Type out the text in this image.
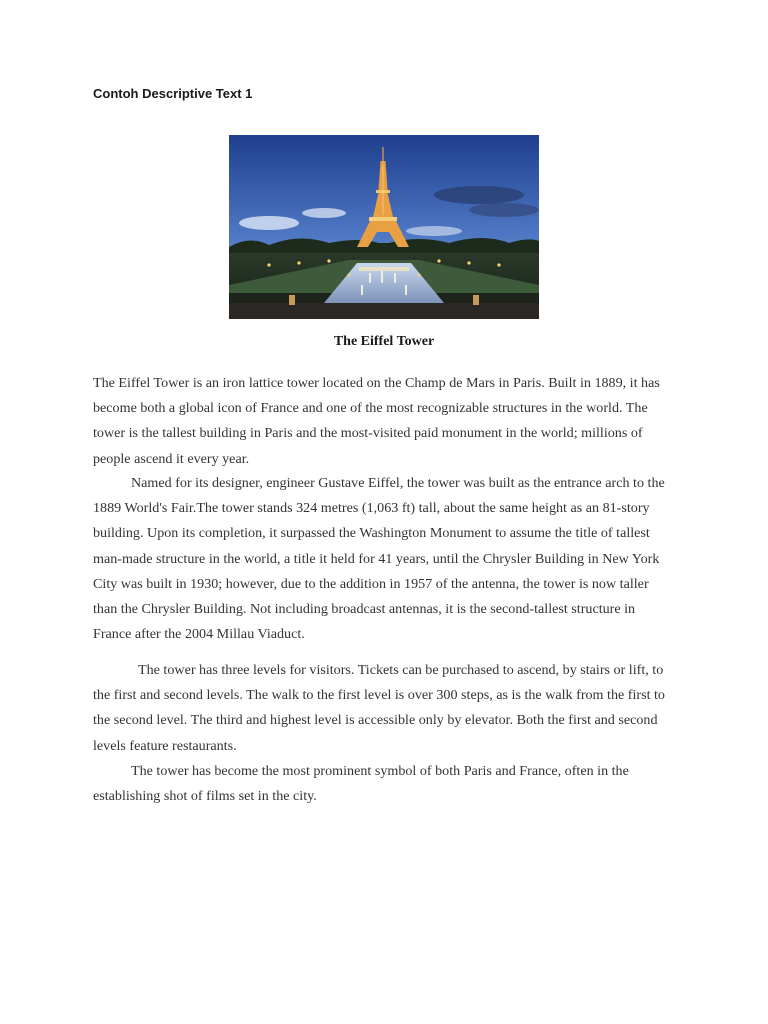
Contoh Descriptive Text 1
The Eiffel Tower

The Eiffel Tower is an iron lattice tower located on the Champ de Mars in Paris. Built in 1889, it has become both a global icon of France and one of the most recognizable structures in the world. The tower is the tallest building in Paris and the most-visited paid monument in the world; millions of people ascend it every year.

Named for its designer, engineer Gustave Eiffel, the tower was built as the entrance arch to the 1889 World's Fair.The tower stands 324 metres (1,063 ft) tall, about the same height as an 81-story building. Upon its completion, it surpassed the Washington Monument to assume the title of tallest man-made structure in the world, a title it held for 41 years, until the Chrysler Building in New York City was built in 1930; however, due to the addition in 1957 of the antenna, the tower is now taller than the Chrysler Building. Not including broadcast antennas, it is the second-tallest structure in France after the 2004 Millau Viaduct.

The tower has three levels for visitors. Tickets can be purchased to ascend, by stairs or lift, to the first and second levels. The walk to the first level is over 300 steps, as is the walk from the first to the second level. The third and highest level is accessible only by elevator. Both the first and second levels feature restaurants.

The tower has become the most prominent symbol of both Paris and France, often in the establishing shot of films set in the city.
